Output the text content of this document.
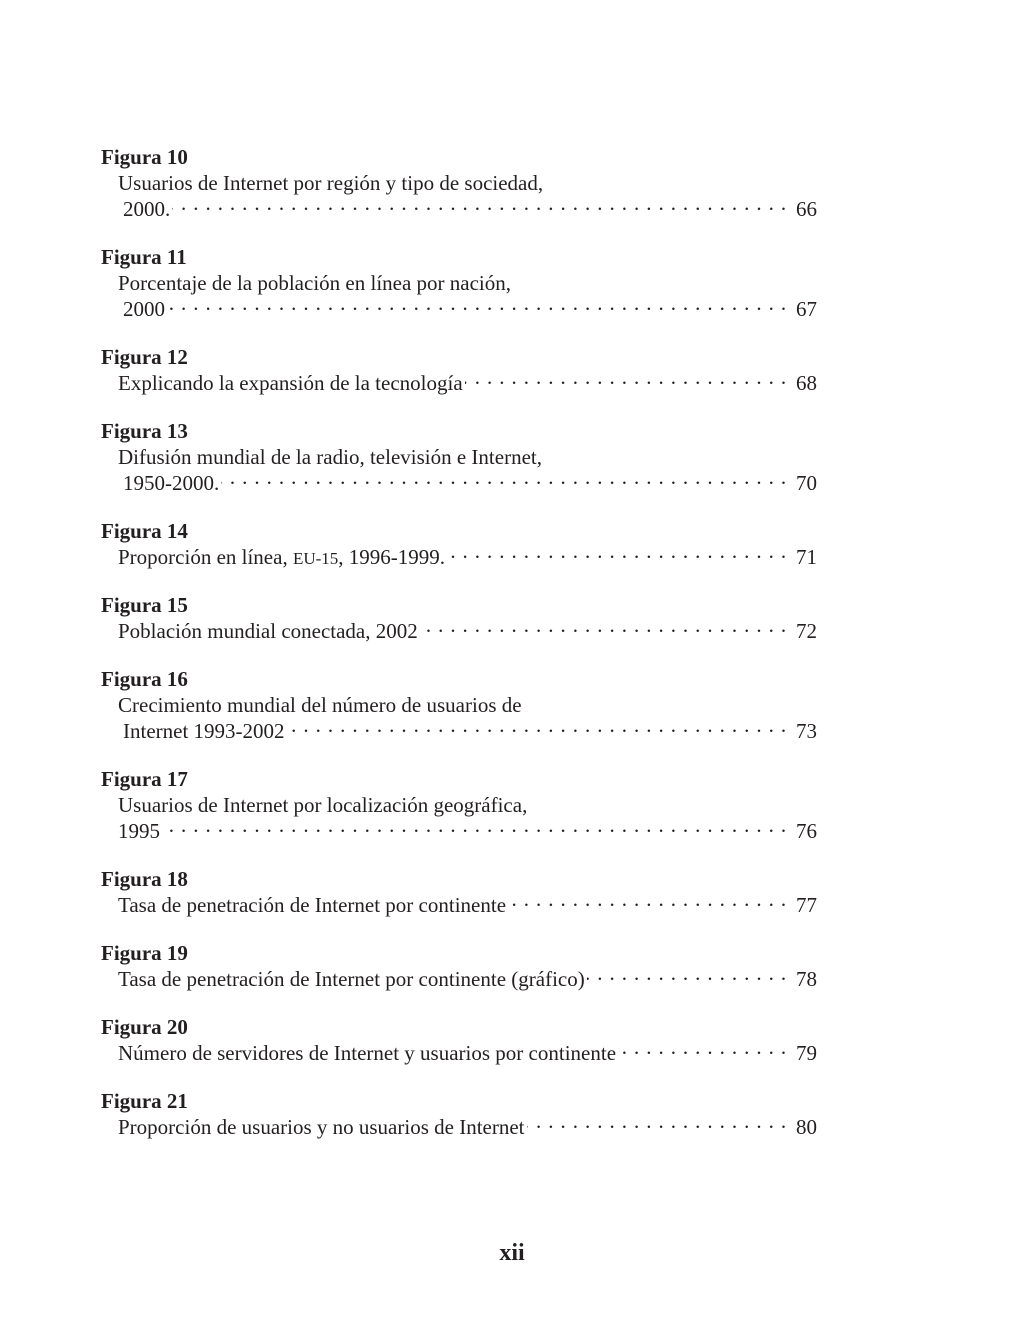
Figura 10
Usuarios de Internet por región y tipo de sociedad,
2000. · · ·	66
Figura 11
Porcentaje de la población en línea por nación,
2000 · · ·	67
Figura 12
Explicando la expansión de la tecnología · · ·	68
Figura 13
Difusión mundial de la radio, televisión e Internet,
1950-2000. · · ·	70
Figura 14
Proporción en línea, EU-15, 1996-1999. · · ·	71
Figura 15
Población mundial conectada, 2002 · · ·	72
Figura 16
Crecimiento mundial del número de usuarios de
Internet 1993-2002 · · ·	73
Figura 17
Usuarios de Internet por localización geográfica,
1995 · · ·	76
Figura 18
Tasa de penetración de Internet por continente · · ·	77
Figura 19
Tasa de penetración de Internet por continente (gráfico) · · ·	78
Figura 20
Número de servidores de Internet y usuarios por continente · · ·	79
Figura 21
Proporción de usuarios y no usuarios de Internet · · ·	80
xii
